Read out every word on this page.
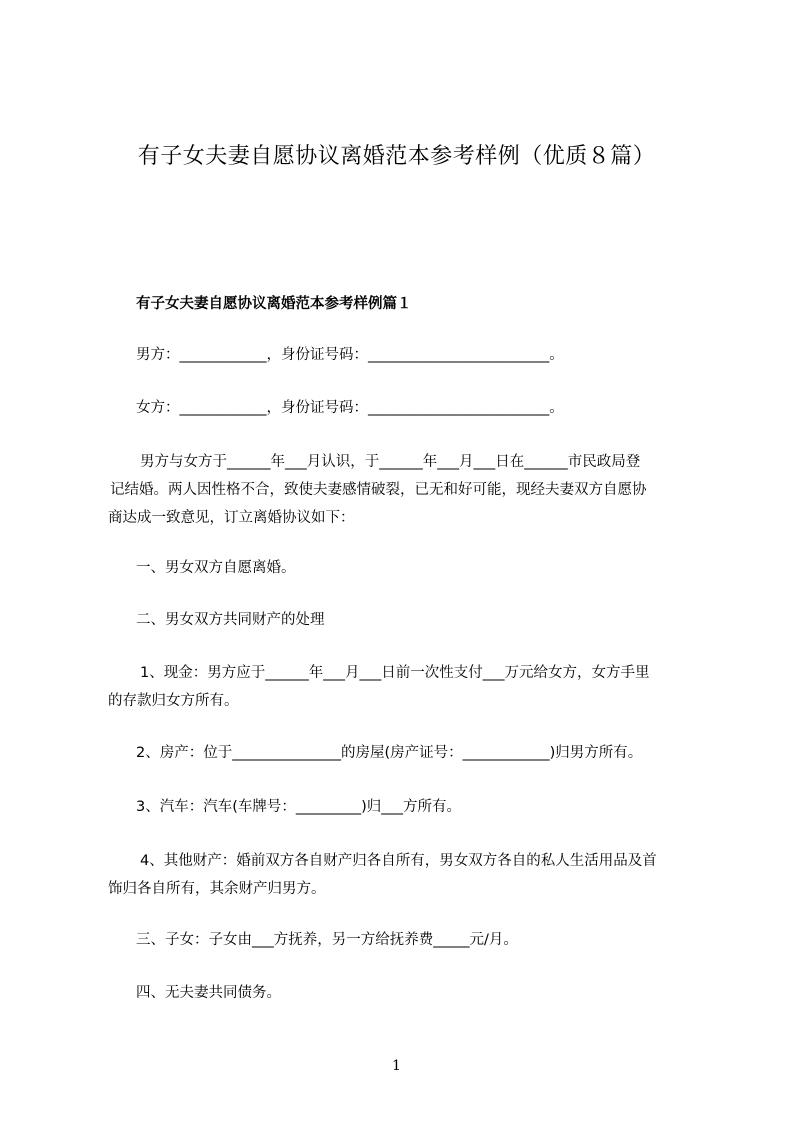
有子女夫妻自愿协议离婚范本参考样例（优质８篇）
有子女夫妻自愿协议离婚范本参考样例篇１
男方：____________，身份证号码：_________________________。
女方：____________，身份证号码：_________________________。
男方与女方于______年___月认识，于______年___月___日在______市民政局登
记结婚。两人因性格不合，致使夫妻感情破裂，已无和好可能，现经夫妻双方自愿协
商达成一致意见，订立离婚协议如下：
一、男女双方自愿离婚。
二、男女双方共同财产的处理
1、现金：男方应于______年___月___日前一次性支付___万元给女方，女方手里
的存款归女方所有。
2、房产：位于_______________的房屋(房产证号：____________)归男方所有。
3、汽车：汽车(车牌号：_________)归___方所有。
4、其他财产：婚前双方各自财产归各自所有，男女双方各自的私人生活用品及首
饰归各自所有，其余财产归男方。
三、子女：子女由___方抚养，另一方给抚养费_____元/月。
四、无夫妻共同债务。
1
